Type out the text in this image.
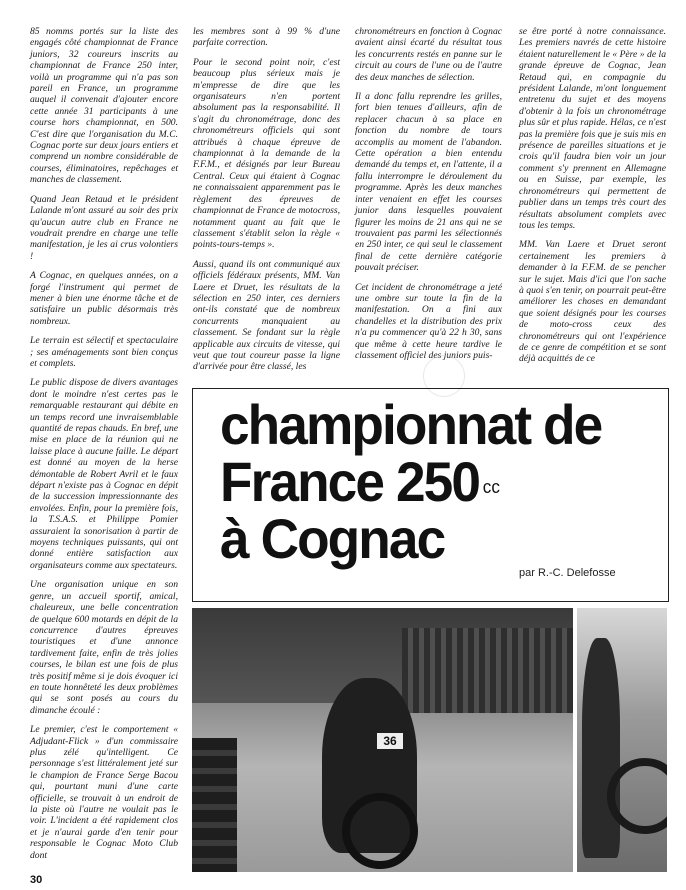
85 nomms portés sur la liste des engagés côté championnat de France juniors, 32 coureurs inscrits au championnat de France 250 inter, voilà un programme qui n'a pas son pareil en France, un programme auquel il convenait d'ajouter encore cette année 31 participants à une course hors championnat, en 500. C'est dire que l'organisation du M.C. Cognac porte sur deux jours entiers et comprend un nombre considérable de courses, éliminatoires, repêchages et manches de classement.

Quand Jean Retaud et le président Lalande m'ont assuré au soir des prix qu'aucun autre club en France ne voudrait prendre en charge une telle manifestation, je les ai crus volontiers !

A Cognac, en quelques années, on a forgé l'instrument qui permet de mener à bien une énorme tâche et de satisfaire un public désormais très nombreux.

Le terrain est sélectif et spectaculaire ; ses aménagements sont bien conçus et complets.

Le public dispose de divers avantages dont le moindre n'est certes pas le remarquable restaurant qui débite en un temps record une invraisemblable quantité de repas chauds. En bref, une mise en place de la réunion qui ne laisse place à aucune faille. Le départ est donné au moyen de la herse démontable de Robert Avril et le faux départ n'existe pas à Cognac en dépit de la succession impressionnante des envolées. Enfin, pour la première fois, la T.S.A.S. et Philippe Pomier assuraient la sonorisation à partir de moyens techniques puissants, qui ont donné entière satisfaction aux organisateurs comme aux spectateurs.

Une organisation unique en son genre, un accueil sportif, amical, chaleureux, une belle concentration de quelque 600 motards en dépit de la concurrence d'autres épreuves touristiques et d'une annonce tardivement faite, enfin de très jolies courses, le bilan est une fois de plus très positif même si je dois évoquer ici en toute honnêteté les deux problèmes qui se sont posés au cours du dimanche écoulé :

Le premier, c'est le comportement « Adjudant-Flick » d'un commissaire plus zélé qu'intelligent. Ce personnage s'est littéralement jeté sur le champion de France Serge Bacou qui, pourtant muni d'une carte officielle, se trouvait à un endroit de la piste où l'autre ne voulait pas le voir. L'incident a été rapidement clos et je n'aurai garde d'en tenir pour responsable le Cognac Moto Club dont

les membres sont à 99 % d'une parfaite correction.

Pour le second point noir, c'est beaucoup plus sérieux mais je m'empresse de dire que les organisateurs n'en portent absolument pas la responsabilité. Il s'agit du chronométrage, donc des chronométreurs officiels qui sont attribués à chaque épreuve de championnat à la demande de la F.F.M., et désignés par leur Bureau Central. Ceux qui étaient à Cognac ne connaissaient apparemment pas le règlement des épreuves de championnat de France de motocross, notamment quant au fait que le classement s'établit selon la règle « points-tours-temps ».

Aussi, quand ils ont communiqué aux officiels fédéraux présents, MM. Van Laere et Druet, les résultats de la sélection en 250 inter, ces derniers ont-ils constaté que de nombreux concurrents manquaient au classement. Se fondant sur la règle applicable aux circuits de vitesse, qui veut que tout coureur passe la ligne d'arrivée pour être classé, les

chronométreurs en fonction à Cognac avaient ainsi écarté du résultat tous les concurrents restés en panne sur le circuit au cours de l'une ou de l'autre des deux manches de sélection.

Il a donc fallu reprendre les grilles, fort bien tenues d'ailleurs, afin de replacer chacun à sa place en fonction du nombre de tours accomplis au moment de l'abandon. Cette opération a bien entendu demandé du temps et, en l'attente, il a fallu interrompre le déroulement du programme. Après les deux manches inter venaient en effet les courses junior dans lesquelles pouvaient figurer les moins de 21 ans qui ne se trouvaient pas parmi les sélectionnés en 250 inter, ce qui seul le classement final de cette dernière catégorie pouvait préciser.

Cet incident de chronométrage a jeté une ombre sur toute la fin de la manifestation. On a fini aux chandelles et la distribution des prix n'a pu commencer qu'à 22 h 30, sans que même à cette heure tardive le classement officiel des juniors puis-

se être porté à notre connaissance. Les premiers navrés de cette histoire étaient naturellement le « Père » de la grande épreuve de Cognac, Jean Retaud qui, en compagnie du président Lalande, m'ont longuement entretenu du sujet et des moyens d'obtenir à la fois un chronométrage plus sûr et plus rapide. Hélas, ce n'est pas la première fois que je suis mis en présence de pareilles situations et je crois qu'il faudra bien voir un jour comment s'y prennent en Allemagne ou en Suisse, par exemple, les chronométreurs qui permettent de publier dans un temps très court des résultats absolument complets avec tous les temps.

MM. Van Laere et Druet seront certainement les premiers à demander à la F.F.M. de se pencher sur le sujet. Mais d'ici que l'on sache à quoi s'en tenir, on pourrait peut-être améliorer les choses en demandant que soient désignés pour les courses de moto-cross ceux des chronométreurs qui ont l'expérience de ce genre de compétition et se sont déjà acquittés de ce

championnat de
France 250 $^{cc}$
à Cognac
par R.-C. Delefosse
36
30
